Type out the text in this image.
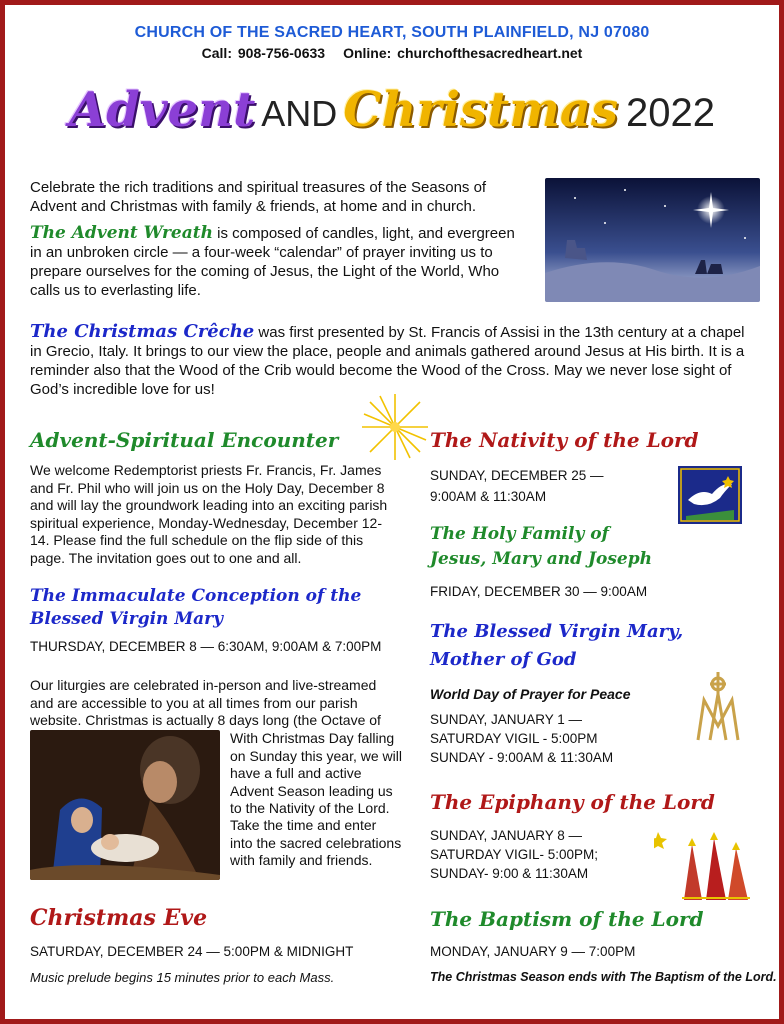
CHURCH OF THE SACRED HEART, SOUTH PLAINFIELD, NJ 07080
Call: 908-756-0633 Online: churchofthesacredheart.net
Advent AND Christmas 2022
Celebrate the rich traditions and spiritual treasures of the Seasons of Advent and Christmas with family & friends, at home and in church.
The Advent Wreath is composed of candles, light, and evergreen in an unbroken circle — a four-week “calendar” of prayer inviting us to prepare ourselves for the coming of Jesus, the Light of the World, Who calls us to everlasting life.
The Christmas Crêche was first presented by St. Francis of Assisi in the 13th century at a chapel in Grecio, Italy. It brings to our view the place, people and animals gathered around Jesus at His birth. It is a reminder also that the Wood of the Crib would become the Wood of the Cross. May we never lose sight of God’s incredible love for us!
Advent-Spiritual Encounter
We welcome Redemptorist priests Fr. Francis, Fr. James and Fr. Phil who will join us on the Holy Day, December 8 and will lay the groundwork leading into an exciting parish spiritual experience, Monday-Wednesday, December 12-14. Please find the full schedule on the flip side of this page. The invitation goes out to one and all.
The Immaculate Conception of the
Blessed Virgin Mary
THURSDAY, DECEMBER 8 — 6:30AM, 9:00AM & 7:00PM
Our liturgies are celebrated in-person and live-streamed and are accessible to you at all times from our parish website. Christmas is actually 8 days long (the Octave of
With Christmas Day falling on Sunday this year, we will have a full and active Advent Season leading us to the Nativity of the Lord.
Take the time and enter into the sacred celebrations with family and friends.
Christmas Eve
SATURDAY, DECEMBER 24 — 5:00PM & MIDNIGHT
Music prelude begins 15 minutes prior to each Mass.
The Nativity of the Lord
SUNDAY, DECEMBER 25 —
9:00AM & 11:30AM
The Holy Family of
Jesus, Mary and Joseph
FRIDAY, DECEMBER 30 — 9:00AM
The Blessed Virgin Mary,
Mother of God
World Day of Prayer for Peace
SUNDAY, JANUARY 1 —
SATURDAY VIGIL - 5:00PM
SUNDAY - 9:00AM & 11:30AM
The Epiphany of the Lord
SUNDAY, JANUARY 8 —
SATURDAY VIGIL- 5:00PM;
SUNDAY- 9:00 & 11:30AM
The Baptism of the Lord
MONDAY, JANUARY 9 — 7:00PM
The Christmas Season ends with The Baptism of the Lord.
